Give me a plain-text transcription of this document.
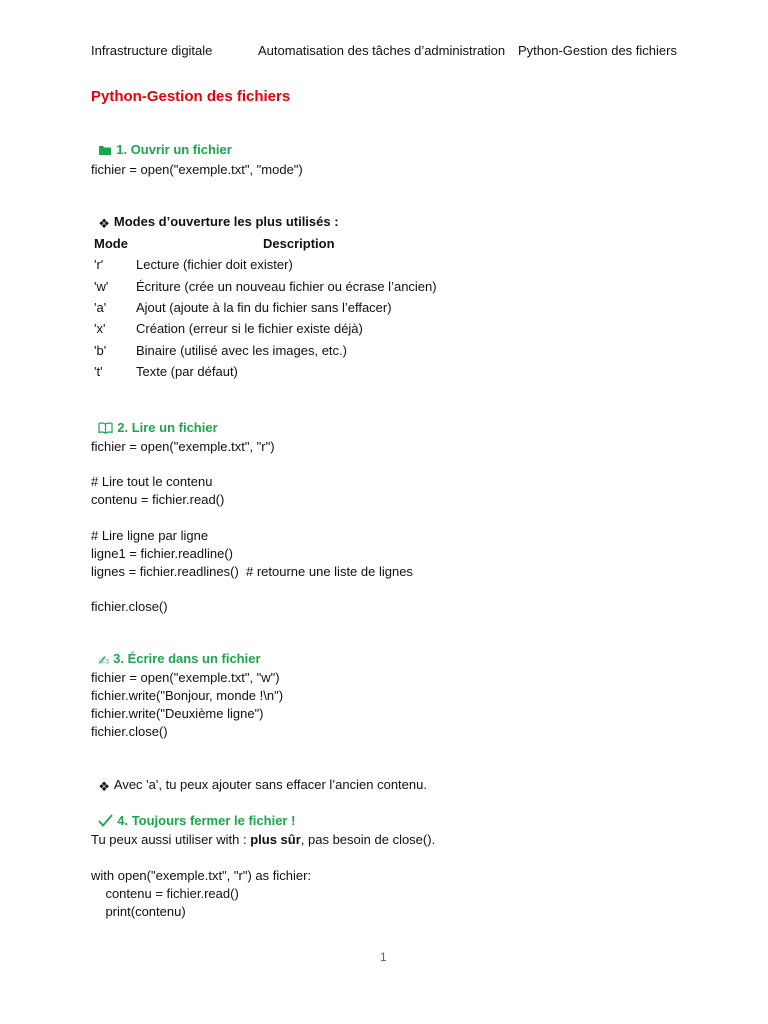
Infrastructure digitale	Automatisation des tâches d’administration Python-Gestion des fichiers
Python-Gestion des fichiers

1. Ouvrir un fichier

fichier = open("exemple.txt", "mode")

❖ Modes d’ouverture les plus utilisés :

Mode	Description
'r'	Lecture (fichier doit exister)
'w' Écriture (crée un nouveau fichier ou écrase l’ancien)
'a' Ajout (ajoute à la fin du fichier sans l’effacer)
'x' Création (erreur si le fichier existe déjà)
'b' Binaire (utilisé avec les images, etc.)
't'	Texte (par défaut)

2. Lire un fichier

fichier = open("exemple.txt", "r")
# Lire tout le contenu
contenu = fichier.read()
# Lire ligne par ligne
ligne1 = fichier.readline()
lignes = fichier.readlines()  # retourne une liste de lignes
fichier.close()

✍ 3. Écrire dans un fichier

fichier = open("exemple.txt", "w")
fichier.write("Bonjour, monde !\n")
fichier.write("Deuxième ligne")
fichier.close()

❖ Avec 'a', tu peux ajouter sans effacer l’ancien contenu.

4. Toujours fermer le fichier !

Tu peux aussi utiliser with : plus sûr, pas besoin de close().
with open("exemple.txt", "r") as fichier:
contenu = fichier.read()
print(contenu)
1
